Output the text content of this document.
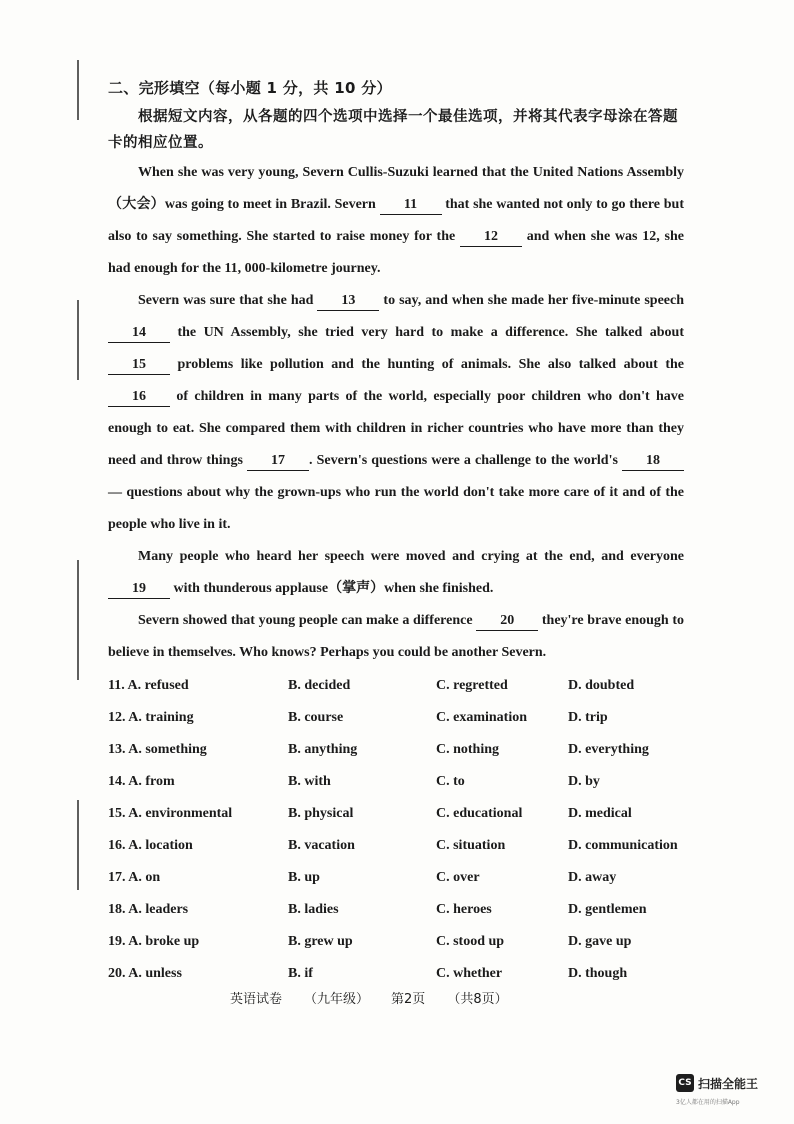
二、完形填空（每小题 1 分，共 10 分）
根据短文内容，从各题的四个选项中选择一个最佳选项，并将其代表字母涂在答题卡的相应位置。

When she was very young, Severn Cullis-Suzuki learned that the United Nations Assembly（大会）was going to meet in Brazil. Severn 11 that she wanted not only to go there but also to say something. She started to raise money for the 12 and when she was 12, she had enough for the 11, 000-kilometre journey.

Severn was sure that she had 13 to say, and when she made her five-minute speech 14 the UN Assembly, she tried very hard to make a difference. She talked about 15 problems like pollution and the hunting of animals. She also talked about the 16 of children in many parts of the world, especially poor children who don't have enough to eat. She compared them with children in richer countries who have more than they need and throw things 17 . Severn's questions were a challenge to the world's 18 — questions about why the grown-ups who run the world don't take more care of it and of the people who live in it.

Many people who heard her speech were moved and crying at the end, and everyone 19 with thunderous applause（掌声）when she finished.

Severn showed that young people can make a difference 20 they're brave enough to believe in themselves. Who knows? Perhaps you could be another Severn.

11. A. refused	B. decided	C. regretted	D. doubted
12. A. training	B. course	C. examination	D. trip
13. A. something	B. anything	C. nothing	D. everything
14. A. from	B. with	C. to	D. by
15. A. environmental	B. physical	C. educational	D. medical
16. A. location	B. vacation	C. situation	D. communication
17. A. on	B. up	C. over	D. away
18. A. leaders	B. ladies	C. heroes	D. gentlemen
19. A. broke up	B. grew up	C. stood up	D. gave up
20. A. unless	B. if	C. whether	D. though
英语试卷 （九年级） 第2页 （共8页）
CS 扫描全能王
3亿人都在用的扫描App
